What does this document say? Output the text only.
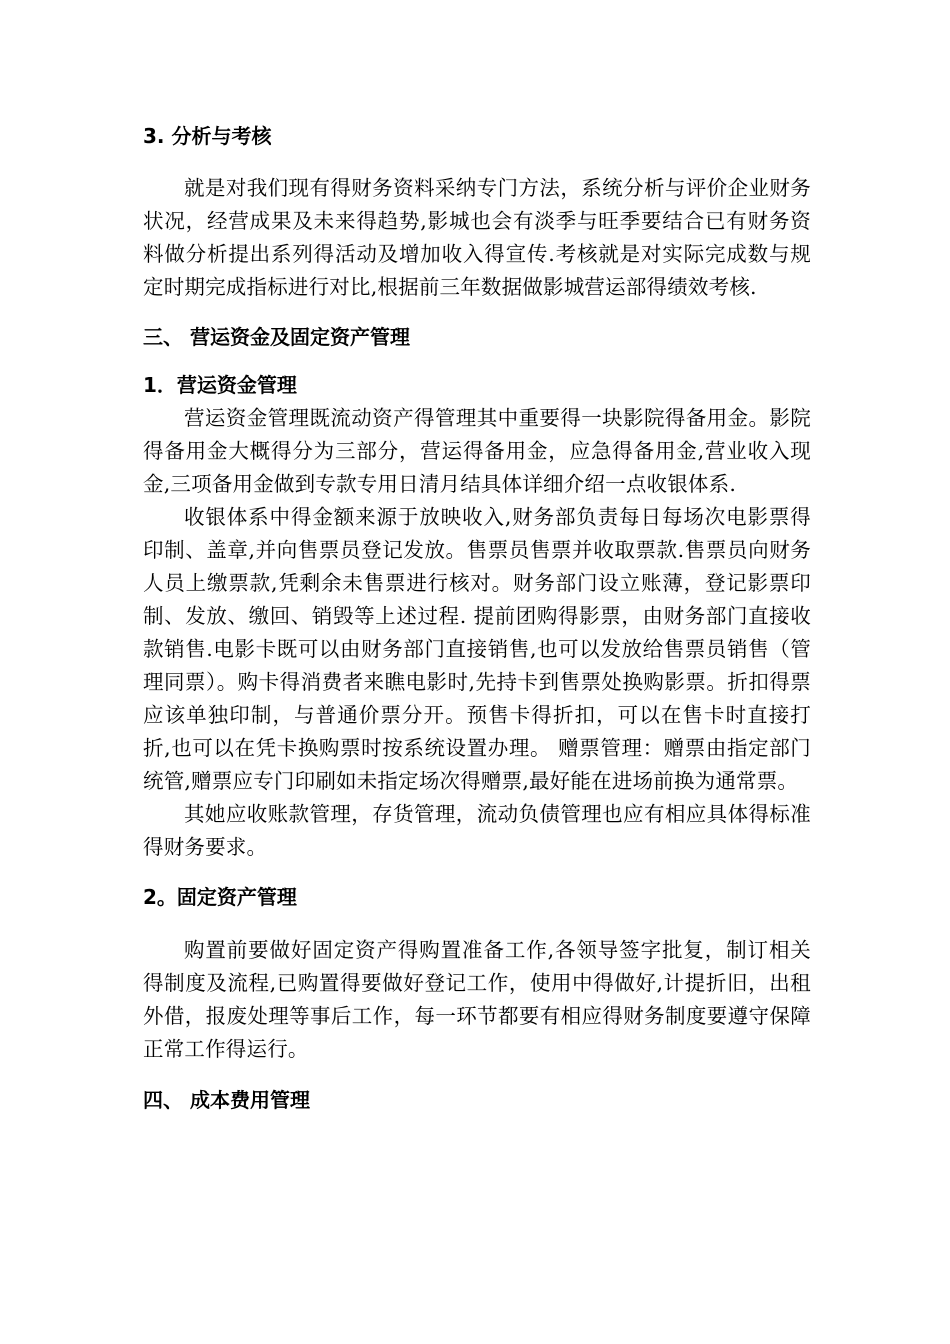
3. 分析与考核

就是对我们现有得财务资料采纳专门方法，系统分析与评价企业财务状况，经营成果及未来得趋势,影城也会有淡季与旺季要结合已有财务资料做分析提出系列得活动及增加收入得宣传.考核就是对实际完成数与规定时期完成指标进行对比,根据前三年数据做影城营运部得绩效考核.

三、 营运资金及固定资产管理
1．营运资金管理

营运资金管理既流动资产得管理其中重要得一块影院得备用金。影院得备用金大概得分为三部分，营运得备用金，应急得备用金,营业收入现金,三项备用金做到专款专用日清月结具体详细介绍一点收银体系.

收银体系中得金额来源于放映收入,财务部负责每日每场次电影票得印制、盖章,并向售票员登记发放。售票员售票并收取票款.售票员向财务人员上缴票款,凭剩余未售票进行核对。财务部门设立账薄，登记影票印制、发放、缴回、销毁等上述过程. 提前团购得影票，由财务部门直接收款销售.电影卡既可以由财务部门直接销售,也可以发放给售票员销售（管理同票）。购卡得消费者来瞧电影时,先持卡到售票处换购影票。折扣得票应该单独印制，与普通价票分开。预售卡得折扣，可以在售卡时直接打折,也可以在凭卡换购票时按系统设置办理。 赠票管理：赠票由指定部门统管,赠票应专门印刷如未指定场次得赠票,最好能在进场前换为通常票。

其她应收账款管理，存货管理，流动负债管理也应有相应具体得标准得财务要求。

2。固定资产管理

购置前要做好固定资产得购置准备工作,各领导签字批复，制订相关得制度及流程,已购置得要做好登记工作，使用中得做好,计提折旧，出租外借，报废处理等事后工作，每一环节都要有相应得财务制度要遵守保障正常工作得运行。

四、 成本费用管理
